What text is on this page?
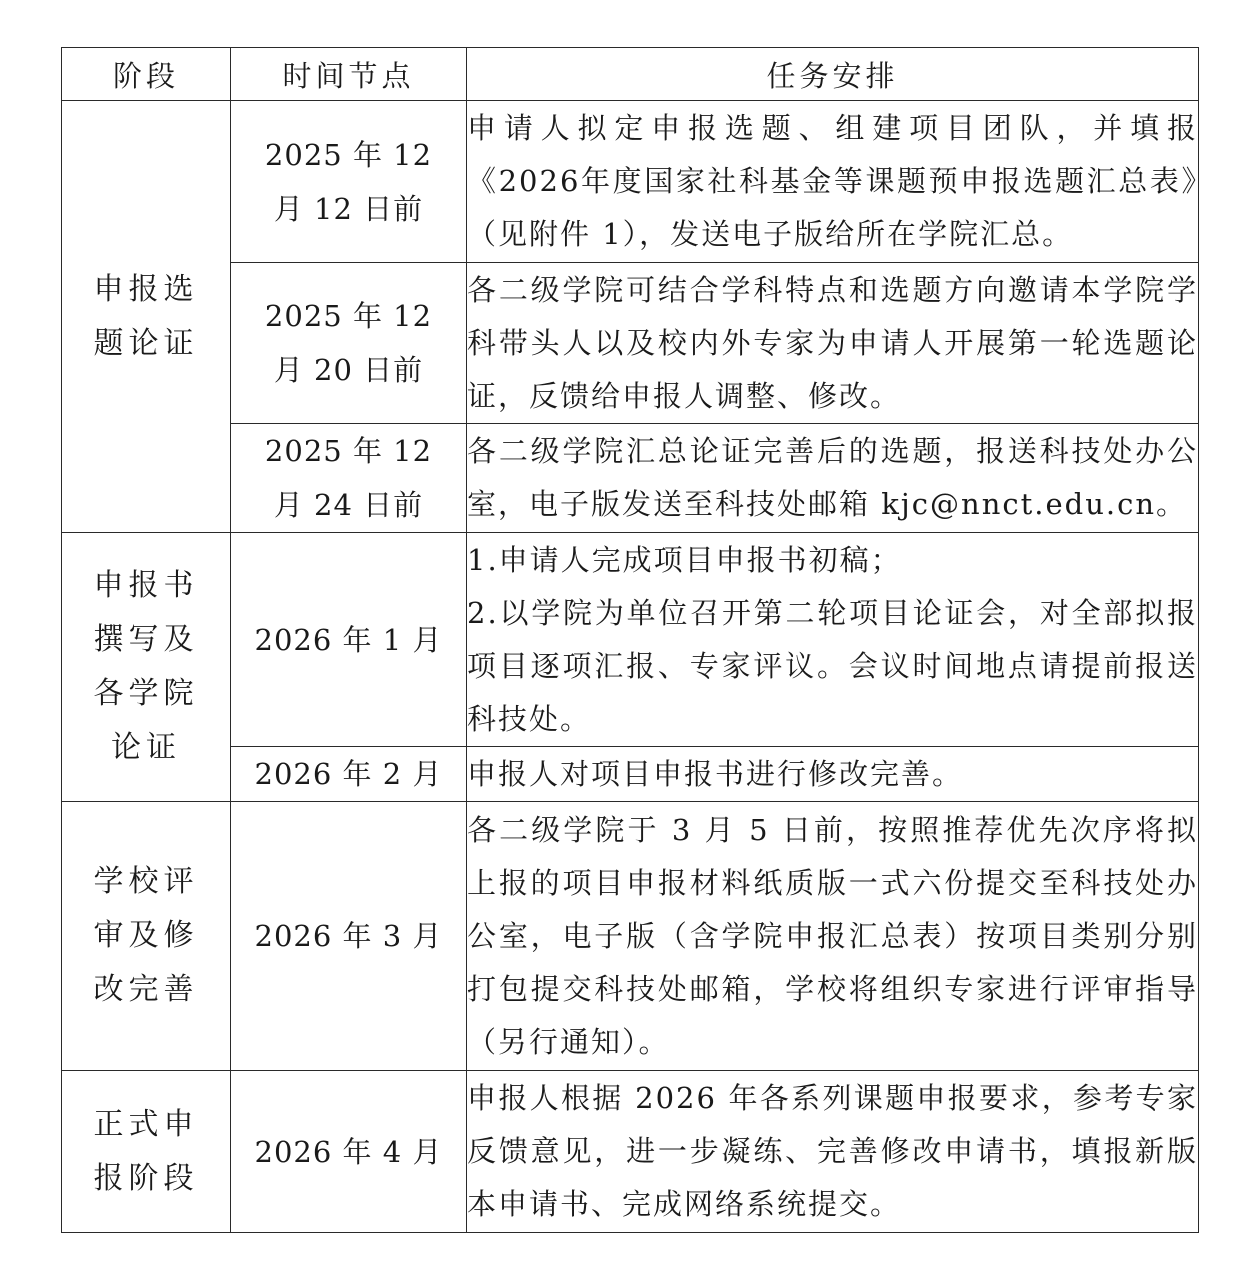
阶段	时间节点	任务安排
申报选题论证	2025 年 12 月 12 日前	申请人拟定申报选题、组建项目团队，并填报《2026年度国家社科基金等课题预申报选题汇总表》（见附件 1），发送电子版给所在学院汇总。

	2025 年 12 月 20 日前	各二级学院可结合学科特点和选题方向邀请本学院学科带头人以及校内外专家为申请人开展第一轮选题论证，反馈给申报人调整、修改。

	2025 年 12 月 24 日前	各二级学院汇总论证完善后的选题，报送科技处办公室，电子版发送至科技处邮箱 kjc@nnct.edu.cn。

申报书撰写及各学院论证	2026 年 1 月	1.申请人完成项目申报书初稿；
2.以学院为单位召开第二轮项目论证会，对全部拟报项目逐项汇报、专家评议。会议时间地点请提前报送科技处。

	2026 年 2 月	申报人对项目申报书进行修改完善。

学校评审及修改完善	2026 年 3 月	各二级学院于 3 月 5 日前，按照推荐优先次序将拟上报的项目申报材料纸质版一式六份提交至科技处办公室，电子版（含学院申报汇总表）按项目类别分别打包提交科技处邮箱，学校将组织专家进行评审指导（另行通知）。

正式申报阶段	2026 年 4 月	申报人根据 2026 年各系列课题申报要求，参考专家反馈意见，进一步凝练、完善修改申请书，填报新版本申请书、完成网络系统提交。
